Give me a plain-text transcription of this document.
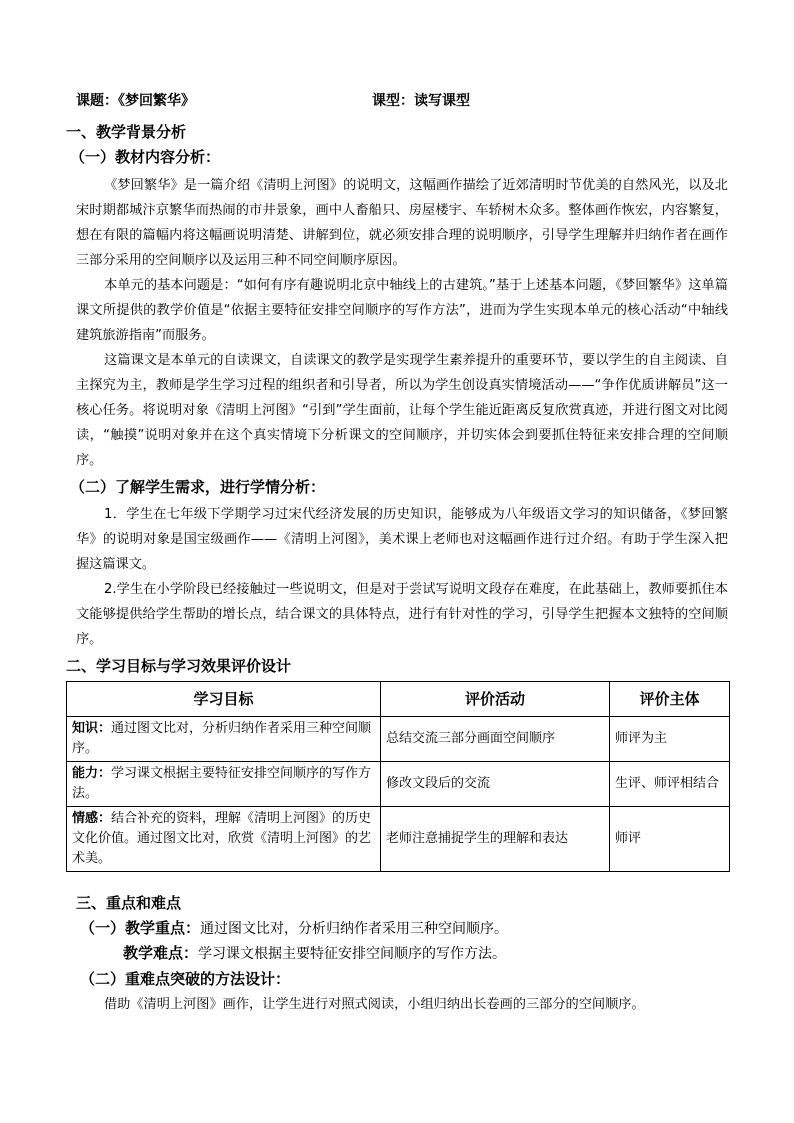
课题：《梦回繁华》	课型：读写课型
一、教学背景分析
（一）教材内容分析：
《梦回繁华》是一篇介绍《清明上河图》的说明文，这幅画作描绘了近郊清明时节优美的自然风光，以及北宋时期都城汴京繁华而热闹的市井景象，画中人畜船只、房屋楼宇、车轿树木众多。整体画作恢宏，内容繁复，想在有限的篇幅内将这幅画说明清楚、讲解到位，就必须安排合理的说明顺序，引导学生理解并归纳作者在画作三部分采用的空间顺序以及运用三种不同空间顺序原因。
本单元的基本问题是：“如何有序有趣说明北京中轴线上的古建筑。”基于上述基本问题，《梦回繁华》这单篇课文所提供的教学价值是“依据主要特征安排空间顺序的写作方法”，进而为学生实现本单元的核心活动“中轴线建筑旅游指南”而服务。
这篇课文是本单元的自读课文，自读课文的教学是实现学生素养提升的重要环节，要以学生的自主阅读、自主探究为主，教师是学生学习过程的组织者和引导者，所以为学生创设真实情境活动——“争作优质讲解员”这一核心任务。将说明对象《清明上河图》“引到”学生面前，让每个学生能近距离反复欣赏真迹，并进行图文对比阅读，“触摸”说明对象并在这个真实情境下分析课文的空间顺序，并切实体会到要抓住特征来安排合理的空间顺序。
（二）了解学生需求，进行学情分析：
1．学生在七年级下学期学习过宋代经济发展的历史知识，能够成为八年级语文学习的知识储备，《梦回繁华》的说明对象是国宝级画作——《清明上河图》，美术课上老师也对这幅画作进行过介绍。有助于学生深入把握这篇课文。
2.学生在小学阶段已经接触过一些说明文，但是对于尝试写说明文段存在难度，在此基础上，教师要抓住本文能够提供给学生帮助的增长点，结合课文的具体特点，进行有针对性的学习，引导学生把握本文独特的空间顺序。
二、学习目标与学习效果评价设计
学习目标	评价活动	评价主体
知识：通过图文比对，分析归纳作者采用三种空间顺序。	总结交流三部分画面空间顺序	师评为主
能力：学习课文根据主要特征安排空间顺序的写作方法。	修改文段后的交流	生评、师评相结合
情感：结合补充的资料，理解《清明上河图》的历史文化价值。通过图文比对，欣赏《清明上河图》的艺术美。	老师注意捕捉学生的理解和表达	师评
三、重点和难点
（一）教学重点：通过图文比对，分析归纳作者采用三种空间顺序。
教学难点：学习课文根据主要特征安排空间顺序的写作方法。
（二）重难点突破的方法设计：
借助《清明上河图》画作，让学生进行对照式阅读，小组归纳出长卷画的三部分的空间顺序。
